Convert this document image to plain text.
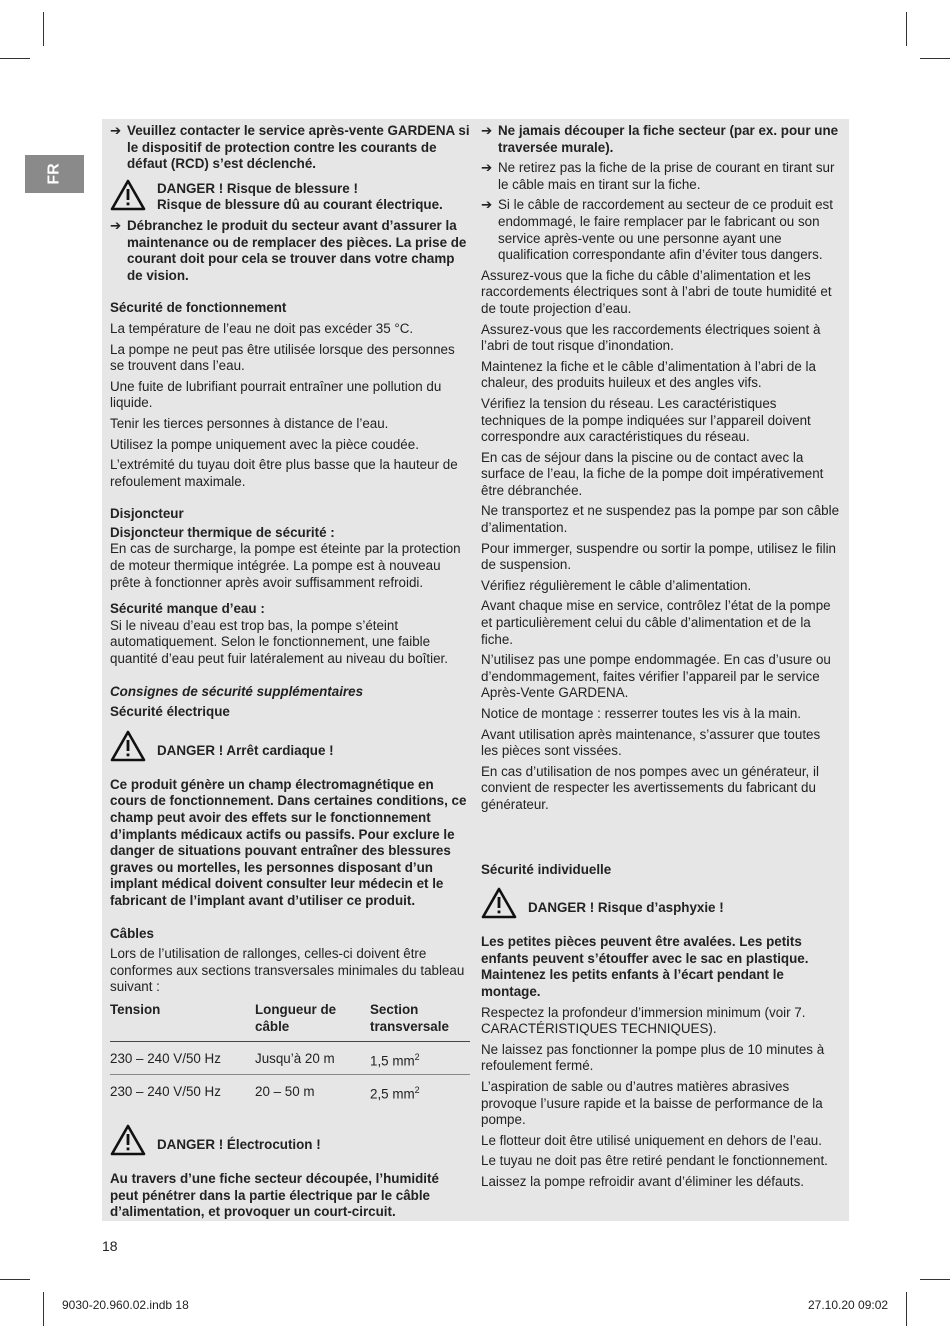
FR
➔ Veuillez contacter le service après-vente GARDENA si le dispositif de protection contre les courants de défaut (RCD) s’est déclenché.
DANGER ! Risque de blessure !
Risque de blessure dû au courant électrique.
➔ Débranchez le produit du secteur avant d’assurer la maintenance ou de remplacer des pièces. La prise de courant doit pour cela se trouver dans votre champ de vision.
Sécurité de fonctionnement

La température de l’eau ne doit pas excéder 35 °C.

La pompe ne peut pas être utilisée lorsque des personnes se trouvent dans l’eau.

Une fuite de lubrifiant pourrait entraîner une pollution du liquide.

Tenir les tierces personnes à distance de l’eau.

Utilisez la pompe uniquement avec la pièce coudée.

L’extrémité du tuyau doit être plus basse que la hauteur de refoulement maximale.

Disjoncteur
Disjoncteur thermique de sécurité :

En cas de surcharge, la pompe est éteinte par la protection de moteur thermique intégrée. La pompe est à nouveau prête à fonctionner après avoir suffisamment refroidi.

Sécurité manque d’eau :

Si le niveau d’eau est trop bas, la pompe s’éteint automatiquement. Selon le fonctionnement, une faible quantité d’eau peut fuir latéralement au niveau du boîtier.

Consignes de sécurité supplémentaires
Sécurité électrique
DANGER ! Arrêt cardiaque !

Ce produit génère un champ électromagnétique en cours de fonctionnement. Dans certaines conditions, ce champ peut avoir des effets sur le fonctionnement d’implants médicaux actifs ou passifs. Pour exclure le danger de situations pouvant entraîner des blessures graves ou mortelles, les personnes disposant d’un implant médical doivent consulter leur médecin et le fabricant de l’implant avant d’utiliser ce produit.

Câbles

Lors de l’utilisation de rallonges, celles-ci doivent être conformes aux sections transversales minimales du tableau suivant :

Tension	Longueur de câble	Section transversale
230 – 240 V/50 Hz	Jusqu’à 20 m	1,5 $mm^2$
230 – 240 V/50 Hz	20 – 50 m	2,5 $mm^2$
DANGER ! Électrocution !

Au travers d’une fiche secteur découpée, l’humidité peut pénétrer dans la partie électrique par le câble d’alimentation, et provoquer un court-circuit.

➔ Ne jamais découper la fiche secteur (par ex. pour une traversée murale).
➔ Ne retirez pas la fiche de la prise de courant en tirant sur le câble mais en tirant sur la fiche.
➔ Si le câble de raccordement au secteur de ce produit est endommagé, le faire remplacer par le fabricant ou son service après-vente ou une personne ayant une qualification correspondante afin d’éviter tous dangers.

Assurez-vous que la fiche du câble d’alimentation et les raccordements électriques sont à l’abri de toute humidité et de toute projection d’eau.

Assurez-vous que les raccordements électriques soient à l’abri de tout risque d’inondation.

Maintenez la fiche et le câble d’alimentation à l’abri de la chaleur, des produits huileux et des angles vifs.

Vérifiez la tension du réseau. Les caractéristiques techniques de la pompe indiquées sur l’appareil doivent correspondre aux caractéristiques du réseau.

En cas de séjour dans la piscine ou de contact avec la surface de l’eau, la fiche de la pompe doit impérativement être débranchée.

Ne transportez et ne suspendez pas la pompe par son câble d’alimentation.

Pour immerger, suspendre ou sortir la pompe, utilisez le filin de suspension.

Vérifiez régulièrement le câble d’alimentation.

Avant chaque mise en service, contrôlez l’état de la pompe et particulièrement celui du câble d’alimentation et de la fiche.

N’utilisez pas une pompe endommagée. En cas d’usure ou d’endommagement, faites vérifier l’appareil par le service Après-Vente GARDENA.

Notice de montage : resserrer toutes les vis à la main.

Avant utilisation après maintenance, s’assurer que toutes les pièces sont vissées.

En cas d’utilisation de nos pompes avec un générateur, il convient de respecter les avertissements du fabricant du générateur.

Sécurité individuelle
DANGER ! Risque d’asphyxie !

Les petites pièces peuvent être avalées. Les petits enfants peuvent s’étouffer avec le sac en plastique. Maintenez les petits enfants à l’écart pendant le montage.

Respectez la profondeur d’immersion minimum (voir 7. CARACTÉRISTIQUES TECHNIQUES).

Ne laissez pas fonctionner la pompe plus de 10 minutes à refoulement fermé.

L’aspiration de sable ou d’autres matières abrasives provoque l’usure rapide et la baisse de performance de la pompe.

Le flotteur doit être utilisé uniquement en dehors de l’eau.

Le tuyau ne doit pas être retiré pendant le fonctionnement.

Laissez la pompe refroidir avant d’éliminer les défauts.

18
9030-20.960.02.indb 18	27.10.20 09:02
